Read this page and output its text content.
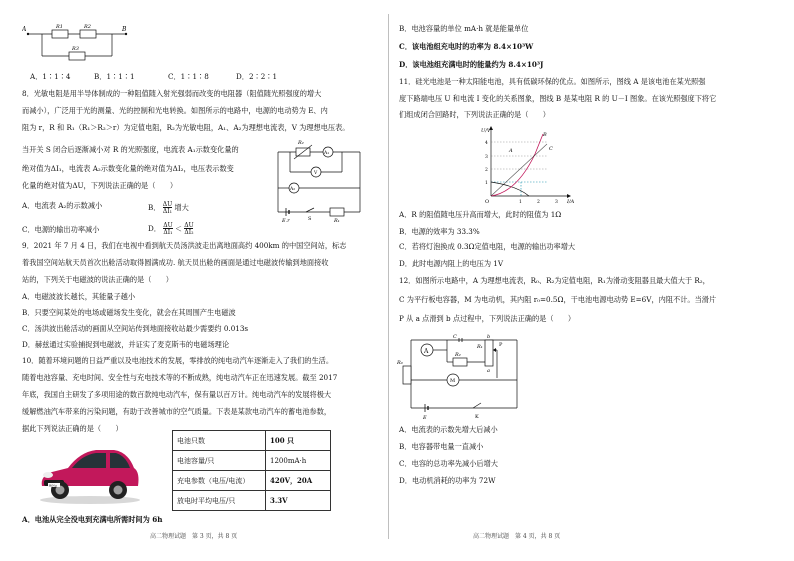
A	B
R1	R2
R3
A．1∶1∶4	B．1∶1∶1	C．1∶1∶8	D．2∶2∶1
8．光敏电阻是用半导体制成的一种阻值随入射光强弱而改变的电阻器（阻值随光照强度的增大
而减小），广泛用于光的测量、光的控制和光电转换。如图所示的电路中，电源的电动势为 E、内
阻为 r，R 和 R₁（R₁＞R₂＞r）为定值电阻，R₂为光敏电阻，A₁、A₂为理想电流表，V 为理想电压表。
当开关 S 闭合后逐渐减小对 R 的光照强度，电流表 A₁示数变化量的
绝对值为ΔI₁，电流表 A₂示数变化量的绝对值为ΔI₂，电压表示数变
化量的绝对值为ΔU，下列说法正确的是（　　）
A．电流表 A₂的示数减小	B． ΔU
ΔI₁ 增大
C．电源的输出功率减小	D． ΔU
ΔI₁ ＜ ΔU
ΔI₂
R₂
A₁
V
A₂
E,r	S	R₁
9．2021 年 7 月 4 日，我们在电视中看到航天员汤洪波走出离地面高约 400km 的中国空间站，标志
着我国空间站航天员首次出舱活动取得圆满成功. 航天员出舱的画面是通过电磁波传输到地面接收
站的，下列关于电磁波的说法正确的是（　　）
A．电磁波波长越长，其能量子越小
B．只要空间某处的电场或磁场发生变化，就会在其周围产生电磁波
C．汤洪波出舱活动的画面从空间站传到地面接收站最少需要约 0.013s
D．赫兹通过实验捕捉到电磁波，并证实了麦克斯韦的电磁场理论
10．随着环境问题的日益严重以及电池技术的发展，零排放的纯电动汽车逐渐走入了我们的生活。
随着电池容量、充电时间、安全性与充电技术等的不断成熟，纯电动汽车正在迅速发展。截至 2017
年底，我国自主研发了多项用途的数百款纯电动汽车，保有量以百万计。纯电动汽车的发展将极大
缓解燃油汽车带来的污染问题，有助于改善城市的空气质量。下表是某款电动汽车的蓄电池参数，
据此下列说法正确的是（　　）
BiNg
电池只数	100 只
电池容量/只	1200mA·h
充电参数（电压/电流）	420V，20A
放电时平均电压/只	3.3V
A．电池从完全没电到充满电所需时间为 6h
高二物理试题　第 3 页，共 8 页
B．电池容量的单位 mA·h 就是能量单位
C．该电池组充电时的功率为 8.4×10³W
D．该电池组充满电时的能量约为 8.4×10³J
11．硅光电池是一种太阳能电池，具有低碳环保的优点。如图所示，图线 A 是该电池在某光照强
度下路端电压 U 和电流 I 变化的关系图象，图线 B 是某电阻 R 的 U－I 图象。在该光照强度下将它
们组成闭合回路时，下列说法正确的是（　　）
U/V
I/A
O
1
2
3
4
1	2	3
A
B
C
A．R 的阻值随电压升高而增大，此时的阻值为 1Ω
B．电源的效率为 33.3%
C．若将灯泡换成 0.3Ω定值电阻，电源的输出功率增大
D．此时电源内阻上的电压为 1V
12．如图所示电路中，A 为理想电流表，R₀、R₂为定值电阻，R₁为滑动变阻器且最大值大于 R₂，
C 为平行板电容器，M 为电动机，其内阻 r₀=0.5Ω，干电池电源电动势 E=6V，内阻不计。当滑片
P 从 a 点滑到 b 点过程中，下列说法正确的是（　　）
A
C
R₂
R₁	P
a
b
R₀
M
E	K
A．电流表的示数先增大后减小
B．电容器带电量一直减小
C．电容的总功率先减小后增大
D．电动机消耗的功率为 72W
高二物理试题　第 4 页，共 8 页
